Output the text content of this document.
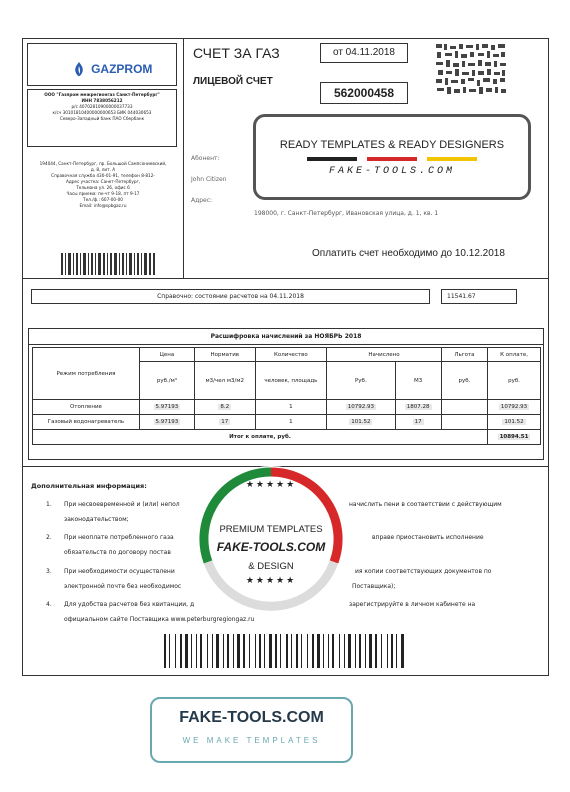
GAZPROM
ООО "Газпром межрегионгаз Санкт-Петербург"
ИНН 7838056212
р/с 40702810900000037733
к/сч 30101810400000000653 БИК 044030653
Северо-Западный банк ПАО Сбербанк
194044, Санкт-Петербург, пр. Большой Сампсониевский,
д. 8, лит. А
Справочная служба 430-01-91, телефон 8-812-
Адрес участка: Санкт-Петербург,
Тельмана ул. 26, офис 6
Часы приема: пн-чт 9-18, пт 9-17
Тел./ф.: 607-00-00
Email: info@spbgaz.ru
СЧЕТ ЗА ГАЗ	от 04.11.2018
ЛИЦЕВОЙ СЧЕТ
562000458
Абонент:
John Citizen
Адрес:
198000, г. Санкт-Петербург, Ивановская улица, д. 1, кв. 1
Оплатить счет необходимо до 10.12.2018
Справочно: состояние расчетов на 04.11.2018	11541.67
Расшифровка начислений за НОЯБРЬ 2018
Режим потребления	Цена	Норматив	Количество	Начислено		Льгота	К оплате,
	руб./м³	м3/чел м3/м2	человек, площадь	Руб.	М3	руб.	руб.
Отопление	5.97193	8.2	1	10792.93	1807.28		10792.93
Газовый водонагреватель	5.97193	17	1	101.52	17		101.52
Итог к оплате, руб.							10894.51
Дополнительная информация:
1. При несвоевременной и (или) непол	начислить пени в соответствии с действующим
законодательством;
2. При неоплате потребленного газа	вправе приостановить исполнение
обязательств по договору постав
3. При необходимости осуществлени	ия копии соответствующих документов по
электронной почте без необходимос	Поставщика);
4. Для удобства расчетов без квитанции, д	зарегистрируйте в личном кабинете на
официальном сайте Поставщика www.peterburgregiongaz.ru
READY TEMPLATES & READY DESIGNERS
FAKE-TOOLS.COM
★★★★★
PREMIUM TEMPLATES
FAKE-TOOLS.COM
& DESIGN
★★★★★
FAKE-TOOLS.COM
WE MAKE TEMPLATES
